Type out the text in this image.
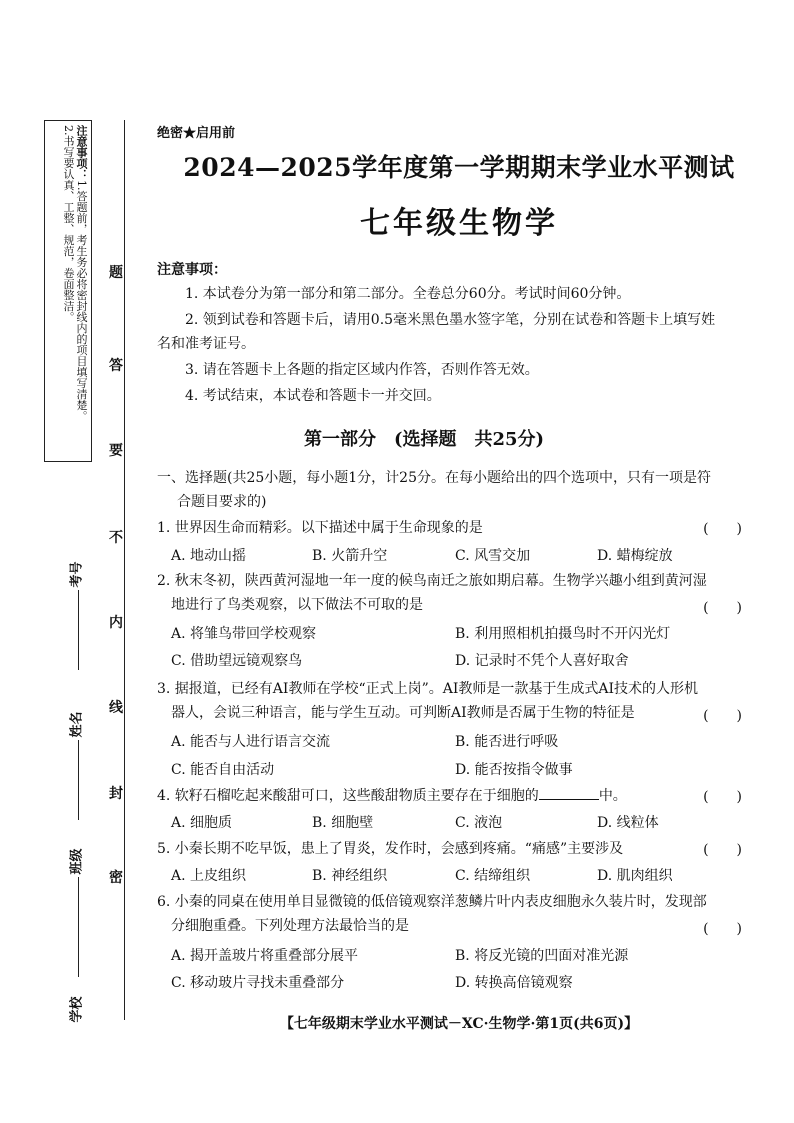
注意事项：1.答题前，考生务必将密封线内的项目填写清楚。
2.书写要认真、工整、规范，卷面整洁。	题
答
要
不
内
线
封
密
考号
姓名
班级
学校
绝密★启用前
2024—2025学年度第一学期期末学业水平测试
七年级生物学
注意事项：
1. 本试卷分为第一部分和第二部分。全卷总分60分。考试时间60分钟。
2. 领到试卷和答题卡后，请用0.5毫米黑色墨水签字笔，分别在试卷和答题卡上填写姓
名和准考证号。
3. 请在答题卡上各题的指定区域内作答，否则作答无效。
4. 考试结束，本试卷和答题卡一并交回。
第一部分　(选择题　共25分)
一、选择题(共25小题，每小题1分，计25分。在每小题给出的四个选项中，只有一项是符
合题目要求的)
1. 世界因生命而精彩。以下描述中属于生命现象的是	(　　)
A. 地动山摇	B. 火箭升空	C. 风雪交加	D. 蜡梅绽放
2. 秋末冬初，陕西黄河湿地一年一度的候鸟南迁之旅如期启幕。生物学兴趣小组到黄河湿
地进行了鸟类观察，以下做法不可取的是	(　　)
A. 将雏鸟带回学校观察	B. 利用照相机拍摄鸟时不开闪光灯
C. 借助望远镜观察鸟	D. 记录时不凭个人喜好取舍
3. 据报道，已经有AI教师在学校“正式上岗”。AI教师是一款基于生成式AI技术的人形机
器人，会说三种语言，能与学生互动。可判断AI教师是否属于生物的特征是	(　　)
A. 能否与人进行语言交流	B. 能否进行呼吸
C. 能否自由活动	D. 能否按指令做事
4. 软籽石榴吃起来酸甜可口，这些酸甜物质主要存在于细胞的	中。	(　　)
A. 细胞质	B. 细胞壁	C. 液泡	D. 线粒体
5. 小秦长期不吃早饭，患上了胃炎，发作时，会感到疼痛。“痛感”主要涉及	(　　)
A. 上皮组织	B. 神经组织	C. 结缔组织	D. 肌肉组织
6. 小秦的同桌在使用单目显微镜的低倍镜观察洋葱鳞片叶内表皮细胞永久装片时，发现部
分细胞重叠。下列处理方法最恰当的是	(　　)
A. 揭开盖玻片将重叠部分展平	B. 将反光镜的凹面对准光源
C. 移动玻片寻找未重叠部分	D. 转换高倍镜观察
【七年级期末学业水平测试－XC·生物学·第1页(共6页)】
